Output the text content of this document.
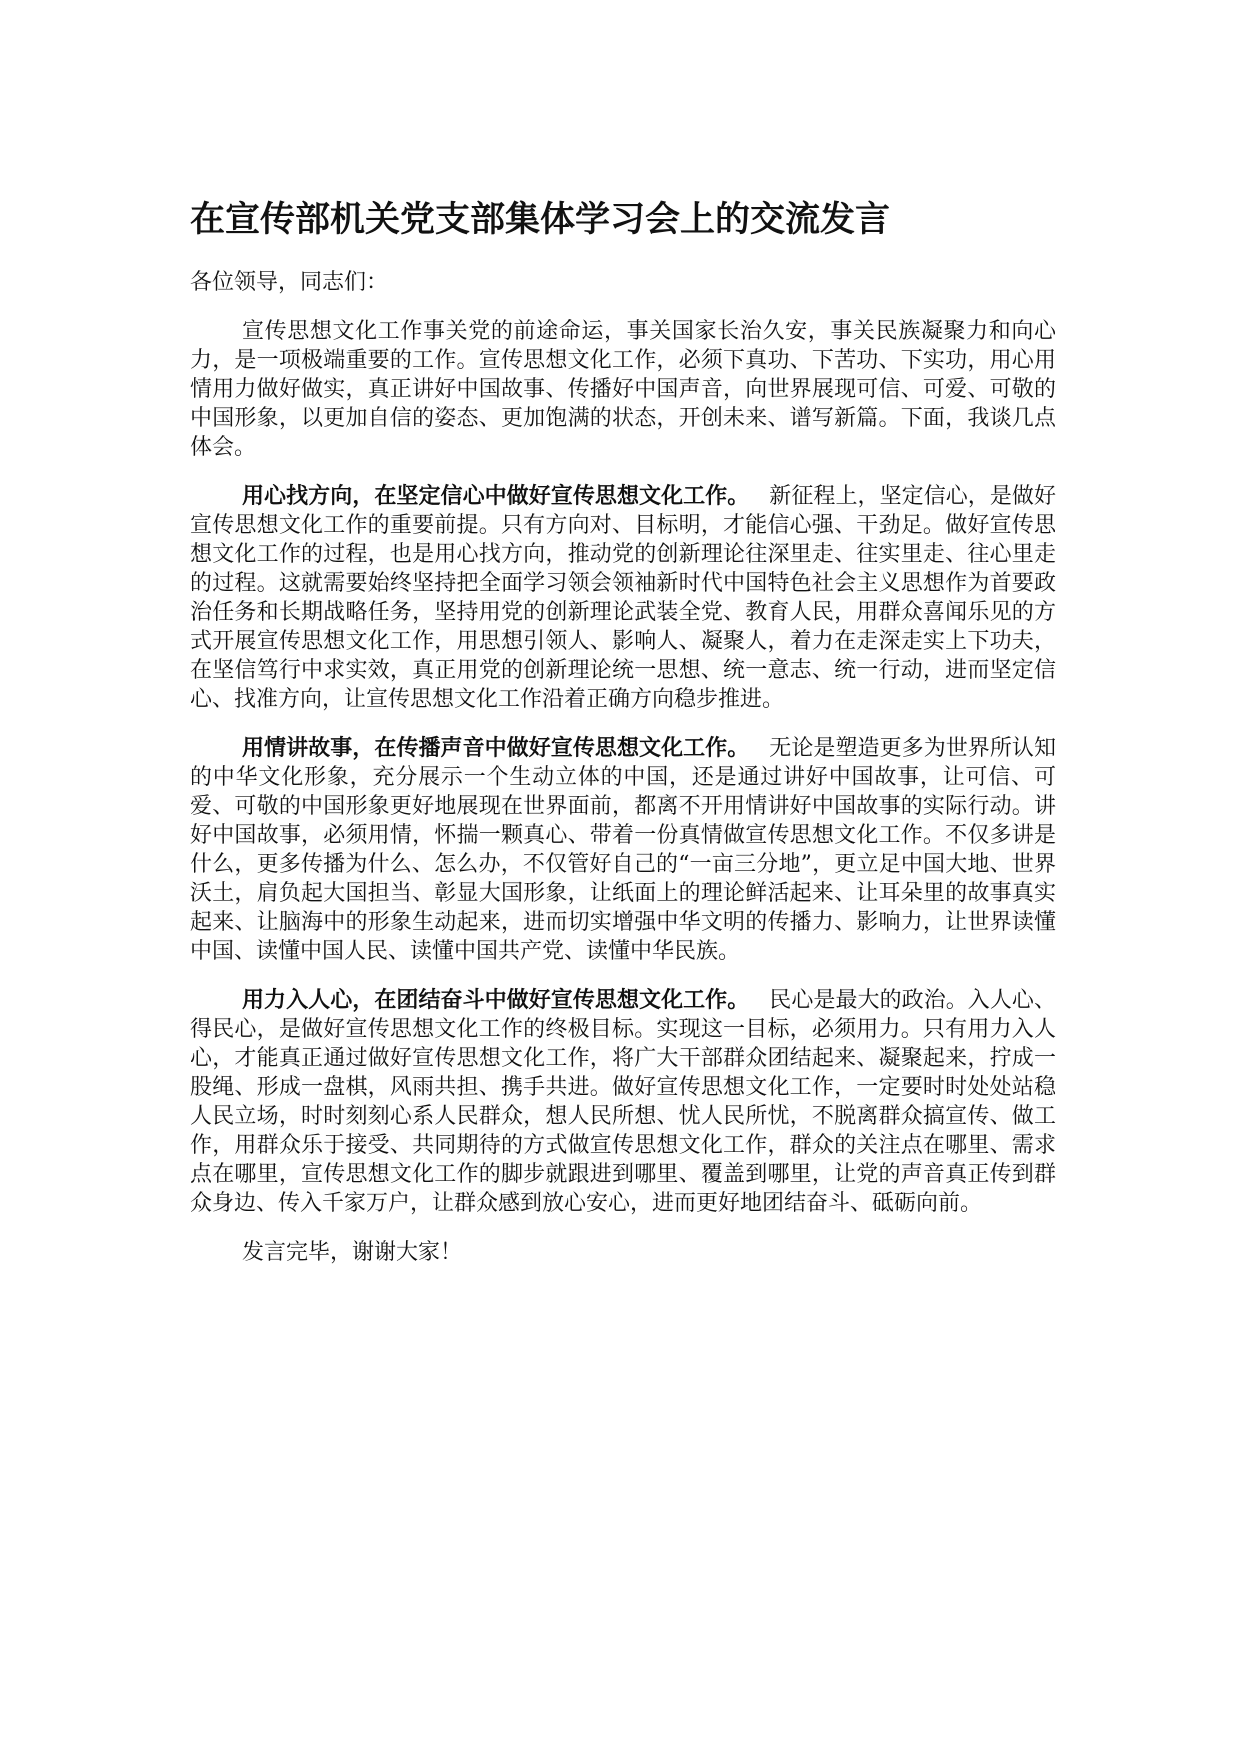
在宣传部机关党支部集体学习会上的交流发言

各位领导，同志们：

宣传思想文化工作事关党的前途命运，事关国家长治久安，事关民族凝聚力和向心力，是一项极端重要的工作。宣传思想文化工作，必须下真功、下苦功、下实功，用心用情用力做好做实，真正讲好中国故事、传播好中国声音，向世界展现可信、可爱、可敬的中国形象，以更加自信的姿态、更加饱满的状态，开创未来、谱写新篇。下面，我谈几点体会。

用心找方向，在坚定信心中做好宣传思想文化工作。 新征程上，坚定信心，是做好宣传思想文化工作的重要前提。只有方向对、目标明，才能信心强、干劲足。做好宣传思想文化工作的过程，也是用心找方向，推动党的创新理论往深里走、往实里走、往心里走的过程。这就需要始终坚持把全面学习领会领袖新时代中国特色社会主义思想作为首要政治任务和长期战略任务，坚持用党的创新理论武装全党、教育人民，用群众喜闻乐见的方式开展宣传思想文化工作，用思想引领人、影响人、凝聚人，着力在走深走实上下功夫，在坚信笃行中求实效，真正用党的创新理论统一思想、统一意志、统一行动，进而坚定信心、找准方向，让宣传思想文化工作沿着正确方向稳步推进。

用情讲故事，在传播声音中做好宣传思想文化工作。 无论是塑造更多为世界所认知的中华文化形象，充分展示一个生动立体的中国，还是通过讲好中国故事，让可信、可爱、可敬的中国形象更好地展现在世界面前，都离不开用情讲好中国故事的实际行动。讲好中国故事，必须用情，怀揣一颗真心、带着一份真情做宣传思想文化工作。不仅多讲是什么，更多传播为什么、怎么办，不仅管好自己的“一亩三分地”，更立足中国大地、世界沃土，肩负起大国担当、彰显大国形象，让纸面上的理论鲜活起来、让耳朵里的故事真实起来、让脑海中的形象生动起来，进而切实增强中华文明的传播力、影响力，让世界读懂中国、读懂中国人民、读懂中国共产党、读懂中华民族。

用力入人心，在团结奋斗中做好宣传思想文化工作。 民心是最大的政治。入人心、得民心，是做好宣传思想文化工作的终极目标。实现这一目标，必须用力。只有用力入人心，才能真正通过做好宣传思想文化工作，将广大干部群众团结起来、凝聚起来，拧成一股绳、形成一盘棋，风雨共担、携手共进。做好宣传思想文化工作，一定要时时处处站稳人民立场，时时刻刻心系人民群众，想人民所想、忧人民所忧，不脱离群众搞宣传、做工作，用群众乐于接受、共同期待的方式做宣传思想文化工作，群众的关注点在哪里、需求点在哪里，宣传思想文化工作的脚步就跟进到哪里、覆盖到哪里，让党的声音真正传到群众身边、传入千家万户，让群众感到放心安心，进而更好地团结奋斗、砥砺向前。

发言完毕，谢谢大家！
